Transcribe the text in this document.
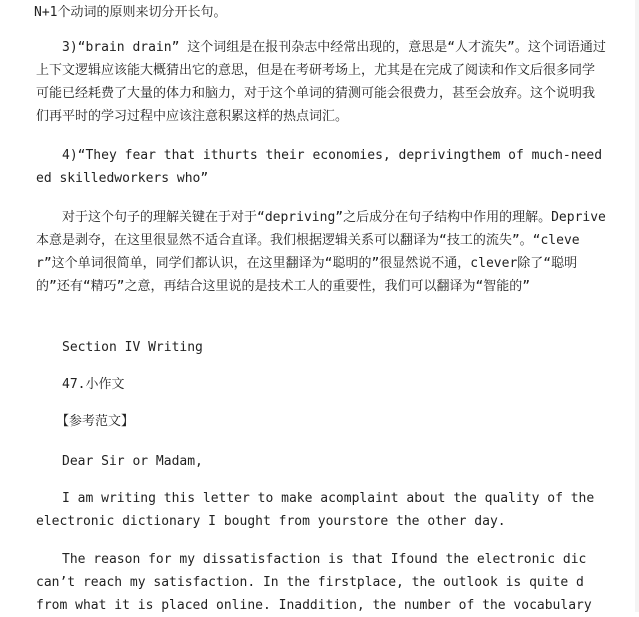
N+1个动词的原则来切分开长句。

3)“brain drain” 这个词组是在报刊杂志中经常出现的，意思是“人才流失”。这个词语通过上下文逻辑应该能大概猜出它的意思，但是在考研考场上，尤其是在完成了阅读和作文后很多同学可能已经耗费了大量的体力和脑力，对于这个单词的猜测可能会很费力，甚至会放弃。这个说明我们再平时的学习过程中应该注意积累这样的热点词汇。

4)“They fear that ithurts their economies, deprivingthem of much-needed skilledworkers who”

对于这个句子的理解关键在于对于“depriving”之后成分在句子结构中作用的理解。Deprive本意是剥夺，在这里很显然不适合直译。我们根据逻辑关系可以翻译为“技工的流失”。“clever”这个单词很简单，同学们都认识，在这里翻译为“聪明的”很显然说不通，clever除了“聪明的”还有“精巧”之意，再结合这里说的是技术工人的重要性，我们可以翻译为“智能的”

Section IV Writing

47.小作文

【参考范文】

Dear Sir or Madam,

I am writing this letter to make acomplaint about the quality of the electronic dictionary I bought from yourstore the other day.

The reason for my dissatisfaction is that Ifound the electronic dic
can’t reach my satisfaction. In the firstplace, the outlook is quite d
from what it is placed online. Inaddition, the number of the vocabulary
